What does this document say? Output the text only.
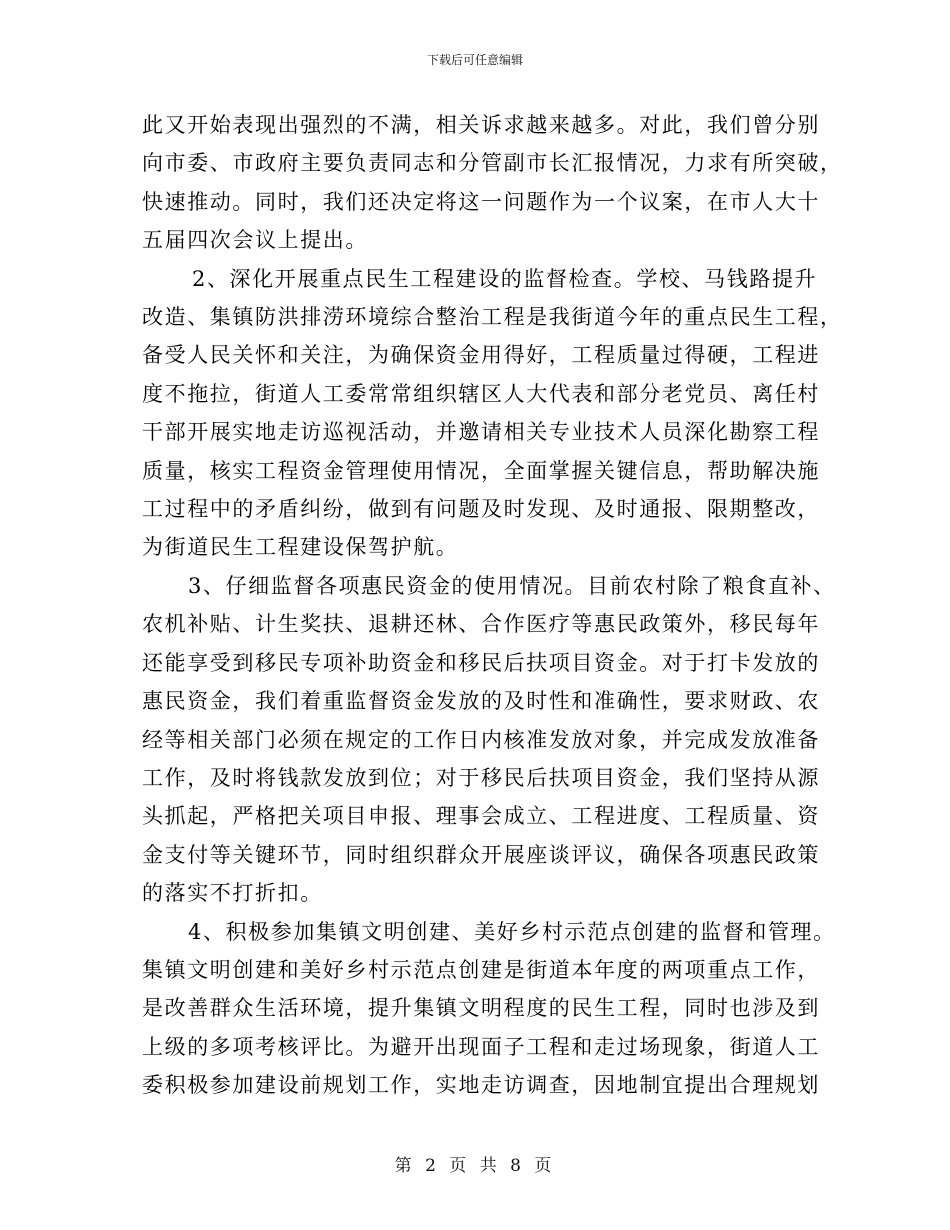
下载后可任意编辑

此又开始表现出强烈的不满，相关诉求越来越多。对此，我们曾分别
向市委、市政府主要负责同志和分管副市长汇报情况，力求有所突破，
快速推动。同时，我们还决定将这一问题作为一个议案，在市人大十
五届四次会议上提出。

2、深化开展重点民生工程建设的监督检查。学校、马钱路提升
改造、集镇防洪排涝环境综合整治工程是我街道今年的重点民生工程，
备受人民关怀和关注，为确保资金用得好，工程质量过得硬，工程进
度不拖拉，街道人工委常常组织辖区人大代表和部分老党员、离任村
干部开展实地走访巡视活动，并邀请相关专业技术人员深化勘察工程
质量，核实工程资金管理使用情况，全面掌握关键信息，帮助解决施
工过程中的矛盾纠纷，做到有问题及时发现、及时通报、限期整改，
为街道民生工程建设保驾护航。

3、仔细监督各项惠民资金的使用情况。目前农村除了粮食直补、
农机补贴、计生奖扶、退耕还林、合作医疗等惠民政策外，移民每年
还能享受到移民专项补助资金和移民后扶项目资金。对于打卡发放的
惠民资金，我们着重监督资金发放的及时性和准确性，要求财政、农
经等相关部门必须在规定的工作日内核准发放对象，并完成发放准备
工作，及时将钱款发放到位；对于移民后扶项目资金，我们坚持从源
头抓起，严格把关项目申报、理事会成立、工程进度、工程质量、资
金支付等关键环节，同时组织群众开展座谈评议，确保各项惠民政策
的落实不打折扣。

4、积极参加集镇文明创建、美好乡村示范点创建的监督和管理。
集镇文明创建和美好乡村示范点创建是街道本年度的两项重点工作，
是改善群众生活环境，提升集镇文明程度的民生工程，同时也涉及到
上级的多项考核评比。为避开出现面子工程和走过场现象，街道人工
委积极参加建设前规划工作，实地走访调查，因地制宜提出合理规划

第 2 页 共 8 页
